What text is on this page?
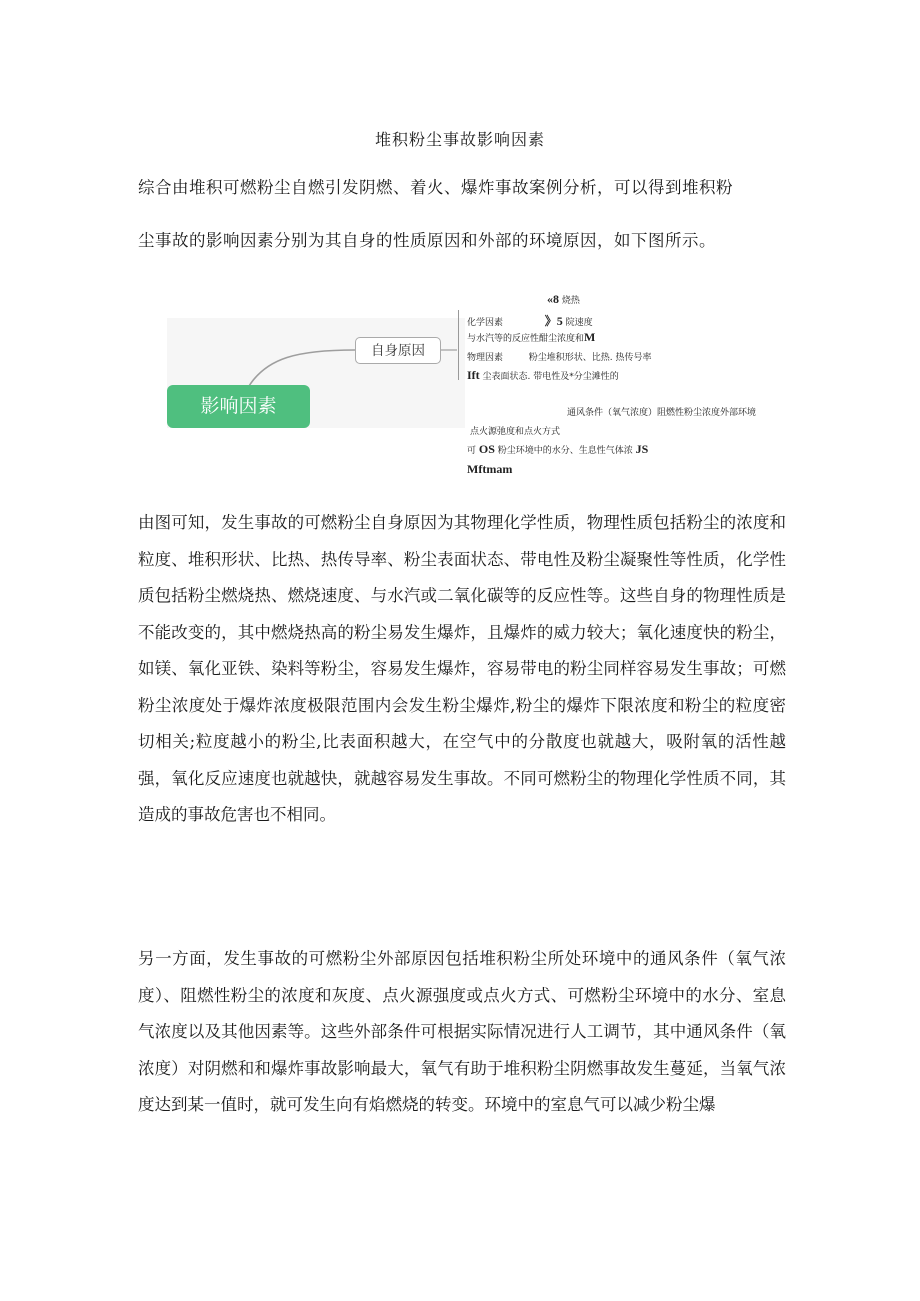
堆积粉尘事故影响因素
综合由堆积可燃粉尘自燃引发阴燃、着火、爆炸事故案例分析，可以得到堆积粉
尘事故的影响因素分别为其自身的性质原因和外部的环境原因，如下图所示。
影响因素
自身原因
«8 烧热
化学因素	》5 院速度
与水汽等的反应性酣尘浓度和M
物理因素	粉尘堆积形状、比热. 热传号率
Ift 尘表面状态. 带电性及*分尘滩性的
通风条件（氧气浓度）阻燃性粉尘浓度外部环境
点火源弛度和点火方式
可 OS 粉尘环境中的水分、生息性气体浓 JS
Mftmam

由图可知，发生事故的可燃粉尘自身原因为其物理化学性质，物理性质包括粉尘的浓度和粒度、堆积形状、比热、热传导率、粉尘表面状态、带电性及粉尘凝聚性等性质，化学性质包括粉尘燃烧热、燃烧速度、与水汽或二氧化碳等的反应性等。这些自身的物理性质是不能改变的，其中燃烧热高的粉尘易发生爆炸，且爆炸的威力较大；氧化速度快的粉尘，如镁、氧化亚铁、染料等粉尘，容易发生爆炸，容易带电的粉尘同样容易发生事故；可燃粉尘浓度处于爆炸浓度极限范围内会发生粉尘爆炸,粉尘的爆炸下限浓度和粉尘的粒度密切相关;粒度越小的粉尘,比表面积越大，在空气中的分散度也就越大，吸附氧的活性越强，氧化反应速度也就越快，就越容易发生事故。不同可燃粉尘的物理化学性质不同，其造成的事故危害也不相同。

另一方面，发生事故的可燃粉尘外部原因包括堆积粉尘所处环境中的通风条件（氧气浓度）、阻燃性粉尘的浓度和灰度、点火源强度或点火方式、可燃粉尘环境中的水分、室息气浓度以及其他因素等。这些外部条件可根据实际情况进行人工调节，其中通风条件（氧浓度）对阴燃和和爆炸事故影响最大，氧气有助于堆积粉尘阴燃事故发生蔓延，当氧气浓度达到某一值时，就可发生向有焰燃烧的转变。环境中的室息气可以减少粉尘爆
